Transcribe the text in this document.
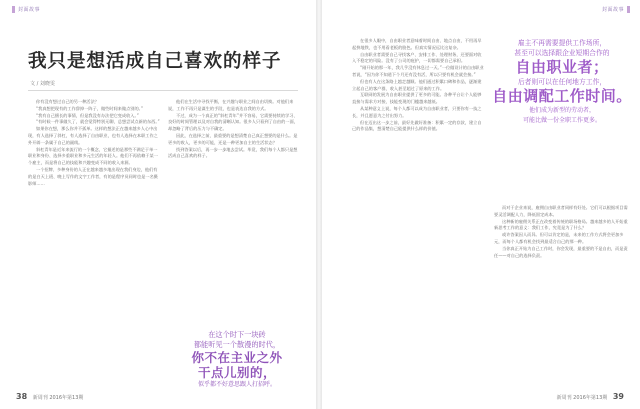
封面故事
我只是想活成自己喜欢的样子
文 / 刘晓雯

你有没有想过自己的另一种活法？

“我真想把现有的工作辞掉一阵子，做些时间来做点别的。”

“我有自己擅长的事情，但是我没有办法把它变成收入。”

“有时候一件事做久了，就会觉得特别无聊，总想尝试点新的东西。”

如果你在想，那么你并不孤单。这样的想法正在越来越多人心中出现，有人选择了斜杠，有人选择了自由职业，也有人选择在本职工作之外开辟一条属于自己的副线。

斜杠青年是近年来流行的一个概念，它描述的是那些不满足于单一职业和身份、选择多重职业和多元生活的年轻人。他们不再依赖于某一个雇主，而是将自己的技能和兴趣变成不同的收入来源。

一个招牌、多种身份的人正在越来越多地出现在我们身边，他们有的是白天上班、晚上写作的文字工作者，有的是程序员同时也是一名摄影师……

他们在生活中寻找平衡，在兴趣与职业之间自由切换。对他们来说，工作不再只是谋生的手段，也是表达自我的方式。

不过，成为一个真正的“斜杠青年”并不容易，它需要持续的学习、良好的时间管理以及对自我的清晰认知。很多人只看到了自由的一面，却忽略了背后的压力与不确定。

因此，在选择之前，最重要的是想清楚自己真正想要的是什么。是更多的收入，更多的可能，还是一种更加自主的生活状态？

找到答案以后，再一步一步地去尝试。毕竟，我们每个人都只是想活成自己喜欢的样子。

在这个时下一块砖
都能听见一个散漫的时代，
你不在主业之外
干点儿别的，
似乎都不好意思跟人打招呼。
38 新周刊 2016年第13期
封面故事

在很多人眼中，自由职业者意味着时间自由、地点自由，不用再早起挤地铁，也不用看老板的脸色。但真实情况远比这复杂。

自由职业者需要自己寻找客户、安排工作、处理财务，还要面对收入不稳定的风险。没有了公司的庇护，一切都需要自己承担。

“刚开始的那一年，我几乎没有休息过一天。”一位做设计的自由职业者说，“因为你不知道下个月还有没有活，所以只要有机会就会接。”

但也有人在这条路上越走越顺。他们通过积累口碑和作品，逐渐建立起自己的客户群，收入甚至超过了原来的工作。

互联网的发展为自由职业提供了更多的可能。各种平台让个人能够直接与需求方对接，技能变现的门槛越来越低。

从某种意义上说，每个人都可以成为自由职业者，只要你有一技之长，并且愿意为之付出努力。

但在迈出这一步之前，最好先做好准备：积累一定的存款，建立自己的作品集，想清楚自己能提供什么样的价值。

雇主不再需要提供工作场所，
甚至可以选择跟企业短期合作的
自由职业者；
后者则可以在任何地方工作，
自由调配工作时间。
他们成为新型的劳动者，
可能比做一份全职工作更多。

而对于企业来说，雇佣自由职业者同样有好处。它们可以根据项目需要灵活调配人力，降低固定成本。

这种新的雇佣关系正在改变着传统的职场格局。越来越多的人开始重新思考工作的意义：我们工作，究竟是为了什么？

或许答案因人而异。但可以肯定的是，未来的工作方式将会更加多元，而每个人都有机会找到最适合自己的那一种。

当你真正开始为自己工作时，你会发现，最重要的不是自由，而是责任——对自己的选择负责。

新周刊 2016年第13期 39
